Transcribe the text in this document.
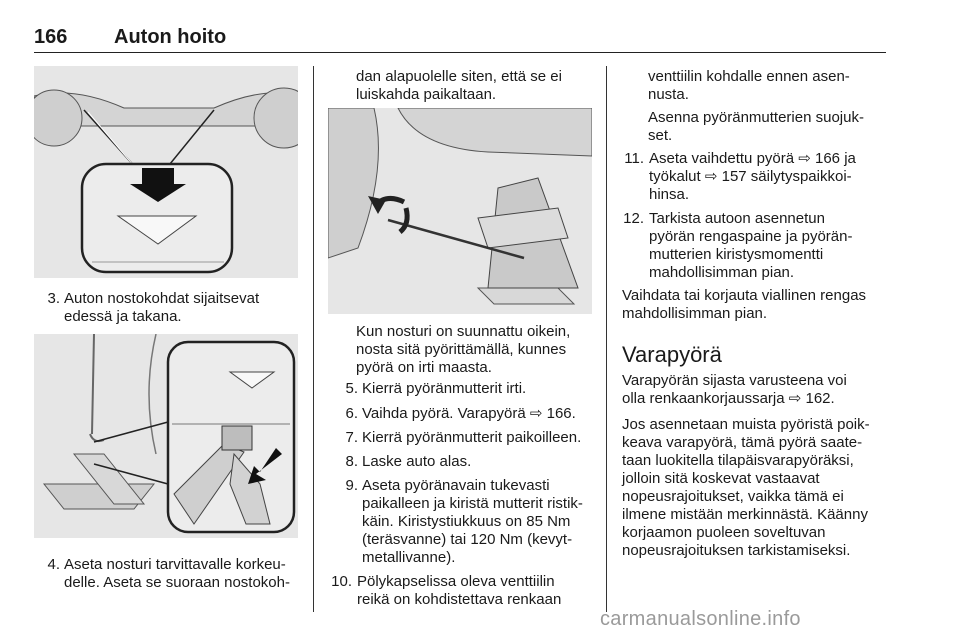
166 Auton hoito
3. Auton nostokohdat sijaitsevat
edessä ja takana.
4. Aseta nosturi tarvittavalle korkeu-
delle. Aseta se suoraan nostokoh-
dan alapuolelle siten, että se ei
luiskahda paikaltaan.
Kun nosturi on suunnattu oikein,
nosta sitä pyörittämällä, kunnes
pyörä on irti maasta.
5. Kierrä pyöränmutterit irti.
6. Vaihda pyörä. Varapyörä ⇨ 166.
7. Kierrä pyöränmutterit paikoilleen.
8. Laske auto alas.
9. Aseta pyöränavain tukevasti
paikalleen ja kiristä mutterit ristik-
käin. Kiristystiukkuus on 85 Nm
(teräsvanne) tai 120 Nm (kevyt-
metallivanne).
10. Pölykapselissa oleva venttiilin
reikä on kohdistettava renkaan
venttiilin kohdalle ennen asen-
nusta.
Asenna pyöränmutterien suojuk-
set.
11. Aseta vaihdettu pyörä ⇨ 166 ja
työkalut ⇨ 157 säilytyspaikkoi-
hinsa.
12. Tarkista autoon asennetun
pyörän rengaspaine ja pyörän-
mutterien kiristysmomentti
mahdollisimman pian.
Vaihdata tai korjauta viallinen rengas
mahdollisimman pian.
Varapyörä
Varapyörän sijasta varusteena voi
olla renkaankorjaussarja ⇨ 162.
Jos asennetaan muista pyöristä poik-
keava varapyörä, tämä pyörä saate-
taan luokitella tilapäisvarapyöräksi,
jolloin sitä koskevat vastaavat
nopeusrajoitukset, vaikka tämä ei
ilmene mistään merkinnästä. Käänny
korjaamon puoleen soveltuvan
nopeusrajoituksen tarkistamiseksi.
carmanualsonline.info
